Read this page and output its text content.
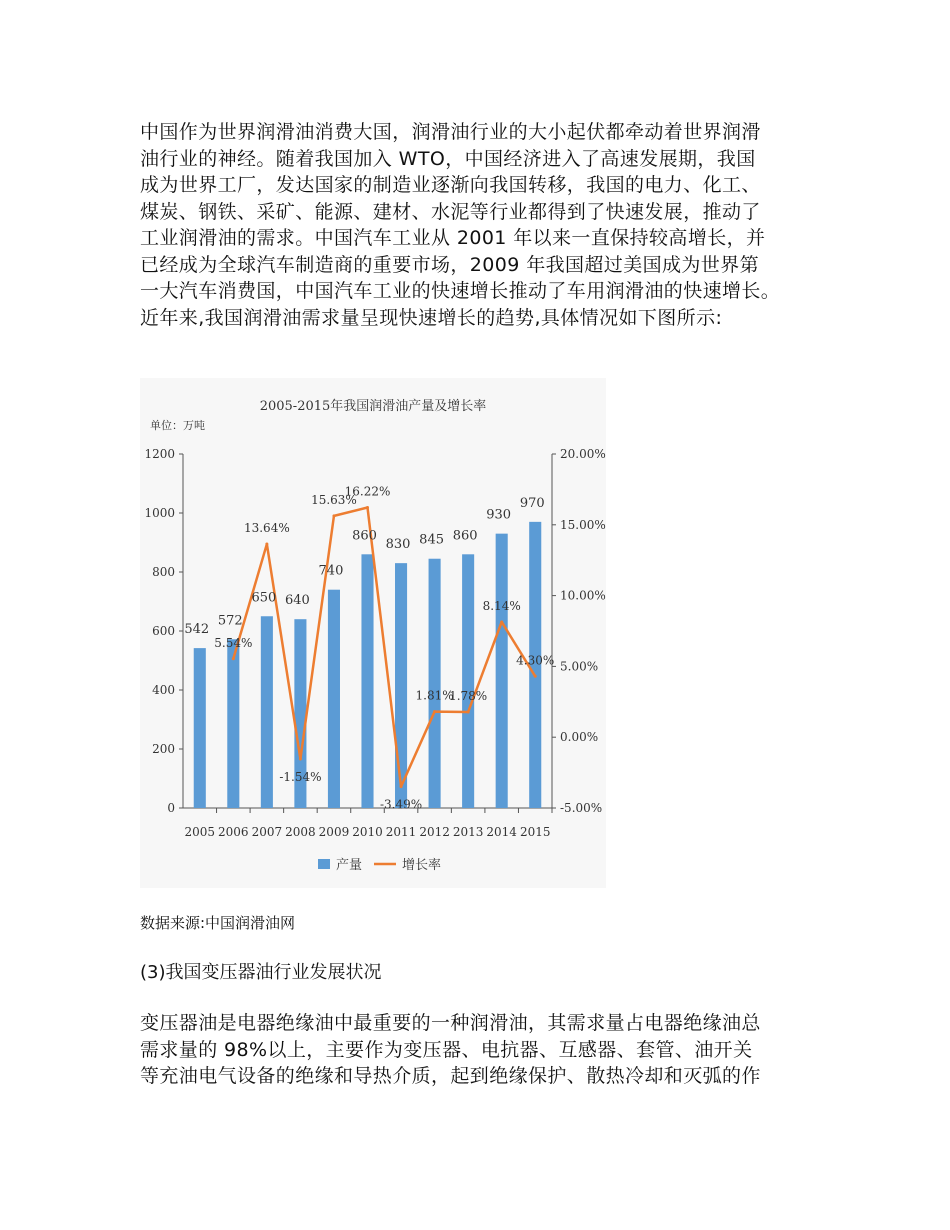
中国作为世界润滑油消费大国，润滑油行业的大小起伏都牵动着世界润滑
油行业的神经。随着我国加入 WTO，中国经济进入了高速发展期，我国
成为世界工厂，发达国家的制造业逐渐向我国转移，我国的电力、化工、
煤炭、钢铁、采矿、能源、建材、水泥等行业都得到了快速发展，推动了
工业润滑油的需求。中国汽车工业从 2001 年以来一直保持较高增长，并
已经成为全球汽车制造商的重要市场，2009 年我国超过美国成为世界第
一大汽车消费国，中国汽车工业的快速增长推动了车用润滑油的快速增长。
近年来,我国润滑油需求量呈现快速增长的趋势,具体情况如下图所示:

2005-2015年我国润滑油产量及增长率
单位：万吨
0
200
400
600
800
1000
1200
-5.00%
0.00%
5.00%
10.00%
15.00%
20.00%
2005 2006 2007 2008 2009 2010 2011 2012 2013 2014 2015
542
572
650 640
740
860
830 845 860
930
970
5.54%
13.64%
-1.54%
15.63%
16.22%
-3.49%
1.81%
1.78%
8.14%
4.30%
产量	增长率
数据来源:中国润滑油网
(3)我国变压器油行业发展状况

变压器油是电器绝缘油中最重要的一种润滑油，其需求量占电器绝缘油总
需求量的 98%以上，主要作为变压器、电抗器、互感器、套管、油开关
等充油电气设备的绝缘和导热介质，起到绝缘保护、散热冷却和灭弧的作
